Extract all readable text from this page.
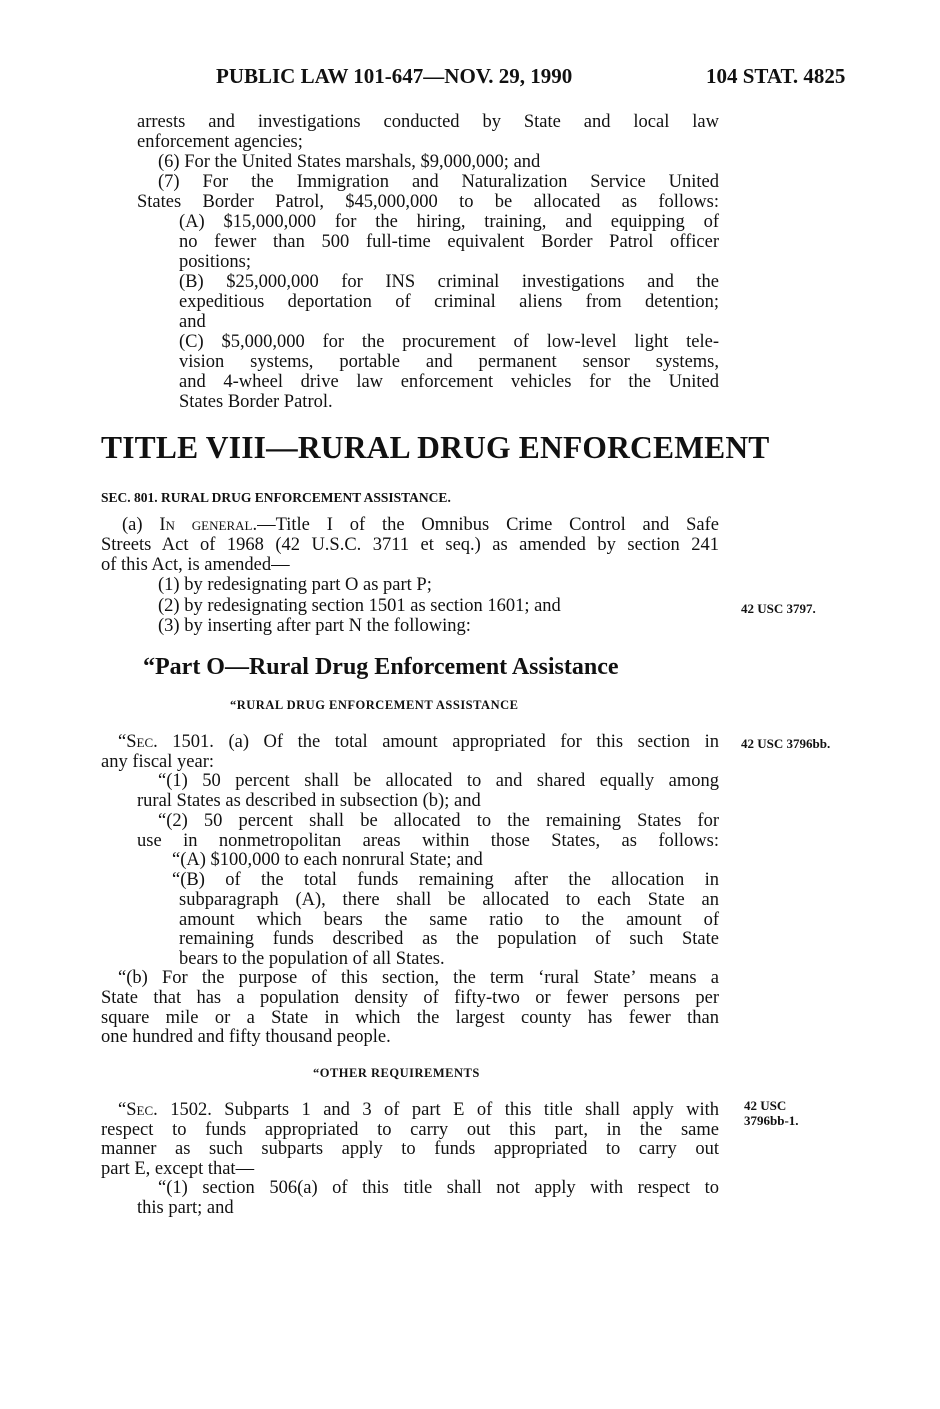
PUBLIC LAW 101-647—NOV. 29, 1990	104 STAT. 4825
arrests and investigations conducted by State and local law
enforcement agencies;
(6) For the United States marshals, $9,000,000; and
(7) For the Immigration and Naturalization Service United
States Border Patrol, $45,000,000 to be allocated as follows:
(A) $15,000,000 for the hiring, training, and equipping of
no fewer than 500 full-time equivalent Border Patrol officer
positions;
(B) $25,000,000 for INS criminal investigations and the
expeditious deportation of criminal aliens from detention;
and
(C) $5,000,000 for the procurement of low-level light tele-
vision systems, portable and permanent sensor systems,
and 4-wheel drive law enforcement vehicles for the United
States Border Patrol.
TITLE VIII—RURAL DRUG ENFORCEMENT
SEC. 801. RURAL DRUG ENFORCEMENT ASSISTANCE.
(a) In general.—Title I of the Omnibus Crime Control and Safe
Streets Act of 1968 (42 U.S.C. 3711 et seq.) as amended by section 241
of this Act, is amended—
(1) by redesignating part O as part P;
(2) by redesignating section 1501 as section 1601; and
(3) by inserting after part N the following:
42 USC 3797.
“Part O—Rural Drug Enforcement Assistance
“RURAL DRUG ENFORCEMENT ASSISTANCE
“Sec. 1501. (a) Of the total amount appropriated for this section in
any fiscal year:
“(1) 50 percent shall be allocated to and shared equally among
rural States as described in subsection (b); and
“(2) 50 percent shall be allocated to the remaining States for
use in nonmetropolitan areas within those States, as follows:
“(A) $100,000 to each nonrural State; and
“(B) of the total funds remaining after the allocation in
subparagraph (A), there shall be allocated to each State an
amount which bears the same ratio to the amount of
remaining funds described as the population of such State
bears to the population of all States.
“(b) For the purpose of this section, the term ‘rural State’ means a
State that has a population density of fifty-two or fewer persons per
square mile or a State in which the largest county has fewer than
one hundred and fifty thousand people.
42 USC 3796bb.
“OTHER REQUIREMENTS
“Sec. 1502. Subparts 1 and 3 of part E of this title shall apply with
respect to funds appropriated to carry out this part, in the same
manner as such subparts apply to funds appropriated to carry out
part E, except that—
“(1) section 506(a) of this title shall not apply with respect to
this part; and
42 USC
3796bb-1.
